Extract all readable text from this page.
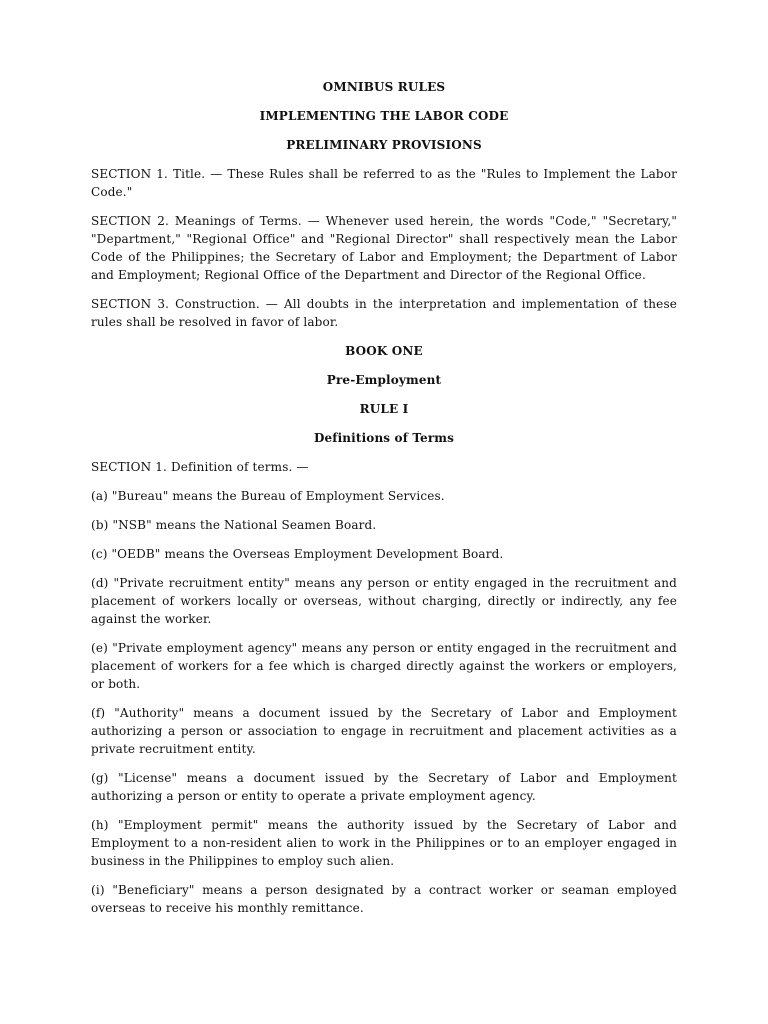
OMNIBUS RULES
IMPLEMENTING THE LABOR CODE
PRELIMINARY PROVISIONS
SECTION 1. Title. — These Rules shall be referred to as the "Rules to Implement the Labor Code."
SECTION 2. Meanings of Terms. — Whenever used herein, the words "Code," "Secretary," "Department," "Regional Office" and "Regional Director" shall respectively mean the Labor Code of the Philippines; the Secretary of Labor and Employment; the Department of Labor and Employment; Regional Office of the Department and Director of the Regional Office.
SECTION 3. Construction. — All doubts in the interpretation and implementation of these rules shall be resolved in favor of labor.
BOOK ONE
Pre-Employment
RULE I
Definitions of Terms
SECTION 1. Definition of terms. —
(a) "Bureau" means the Bureau of Employment Services.
(b) "NSB" means the National Seamen Board.
(c) "OEDB" means the Overseas Employment Development Board.
(d) "Private recruitment entity" means any person or entity engaged in the recruitment and placement of workers locally or overseas, without charging, directly or indirectly, any fee against the worker.
(e) "Private employment agency" means any person or entity engaged in the recruitment and placement of workers for a fee which is charged directly against the workers or employers, or both.
(f) "Authority" means a document issued by the Secretary of Labor and Employment authorizing a person or association to engage in recruitment and placement activities as a private recruitment entity.
(g) "License" means a document issued by the Secretary of Labor and Employment authorizing a person or entity to operate a private employment agency.
(h) "Employment permit" means the authority issued by the Secretary of Labor and Employment to a non-resident alien to work in the Philippines or to an employer engaged in business in the Philippines to employ such alien.
(i) "Beneficiary" means a person designated by a contract worker or seaman employed overseas to receive his monthly remittance.
